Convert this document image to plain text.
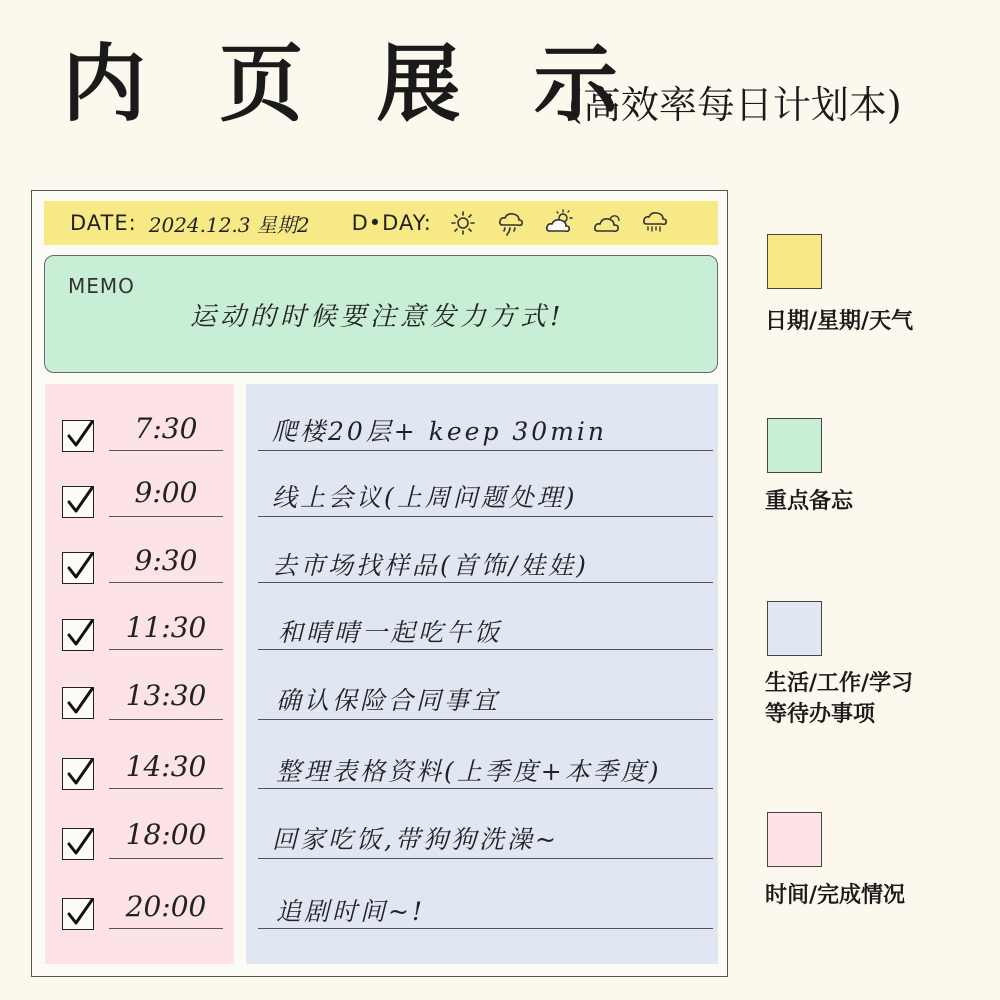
内 页 展 示
(高效率每日计划本)
DATE: 2024.12.3 星期2 D•DAY:
MEMO
运动的时候要注意发力方式!
7:30
9:00
9:30
11:30
13:30
14:30
18:00
20:00
爬楼20层+ keep 30min
线上会议(上周问题处理)
去市场找样品(首饰/娃娃)
和晴晴一起吃午饭
确认保险合同事宜
整理表格资料(上季度+本季度)
回家吃饭,带狗狗洗澡~
追剧时间~!
日期/星期/天气
重点备忘
生活/工作/学习
等待办事项
时间/完成情况
